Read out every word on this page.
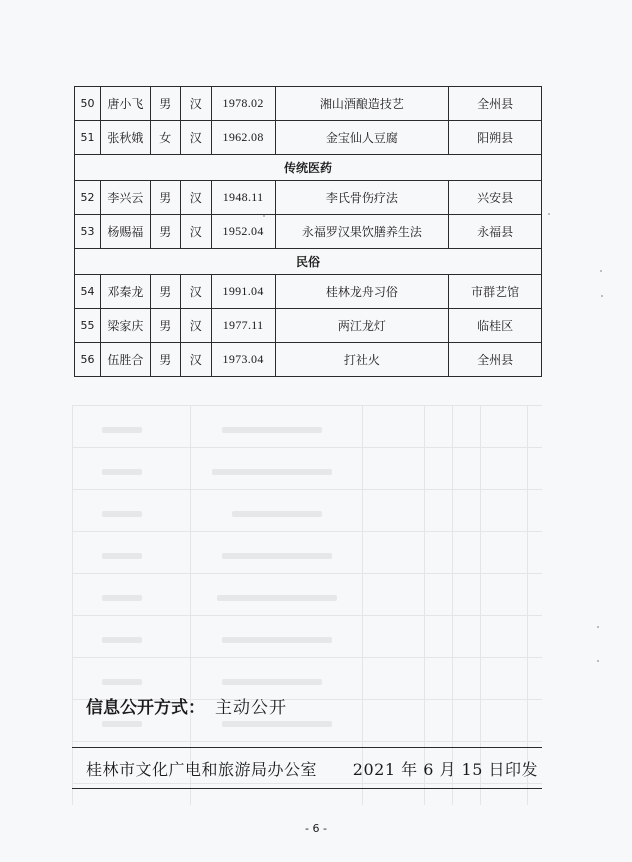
50	唐小飞	男	汉	1978.02	湘山酒酿造技艺	全州县
51	张秋娥	女	汉	1962.08	金宝仙人豆腐	阳朔县
传统医药						
52	李兴云	男	汉	1948.11	李氏骨伤疗法	兴安县
53	杨赐福	男	汉	1952.04	永福罗汉果饮膳养生法	永福县
民俗						
54	邓秦龙	男	汉	1991.04	桂林龙舟习俗	市群艺馆
55	梁家庆	男	汉	1977.11	两江龙灯	临桂区
56	伍胜合	男	汉	1973.04	打社火	全州县
信息公开方式： 主动公开
桂林市文化广电和旅游局办公室 2021 年 6 月 15 日印发
- 6 -
